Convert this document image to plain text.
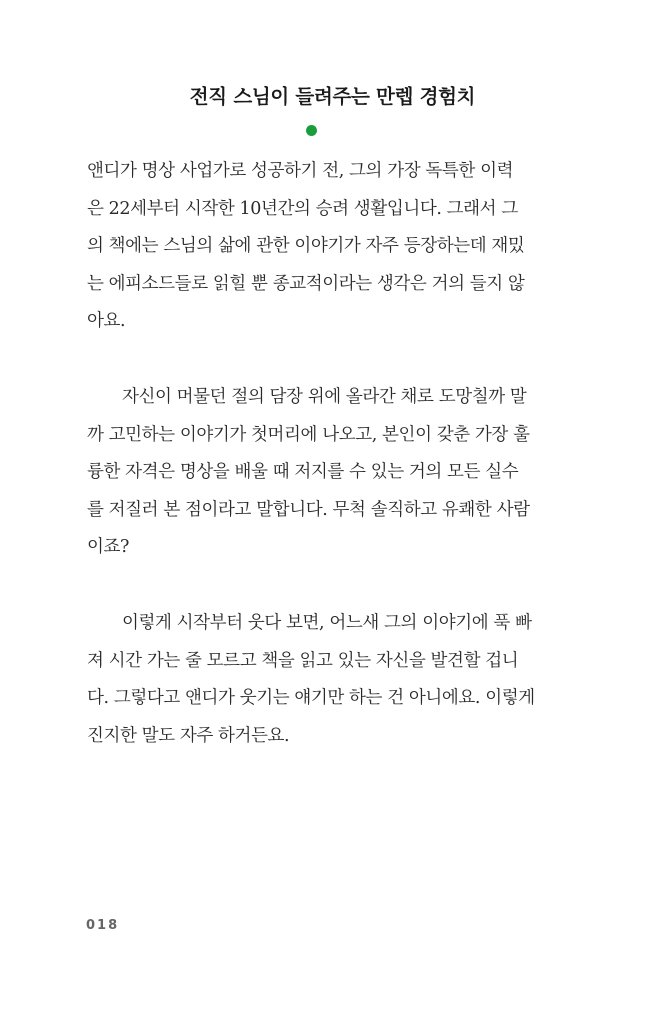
전직 스님이 들려주는 만렙 경험치
앤디가 명상 사업가로 성공하기 전, 그의 가장 독특한 이력
은 22세부터 시작한 10년간의 승려 생활입니다. 그래서 그
의 책에는 스님의 삶에 관한 이야기가 자주 등장하는데 재밌
는 에피소드들로 읽힐 뿐 종교적이라는 생각은 거의 들지 않
아요.
자신이 머물던 절의 담장 위에 올라간 채로 도망칠까 말
까 고민하는 이야기가 첫머리에 나오고, 본인이 갖춘 가장 훌
륭한 자격은 명상을 배울 때 저지를 수 있는 거의 모든 실수
를 저질러 본 점이라고 말합니다. 무척 솔직하고 유쾌한 사람
이죠?
이렇게 시작부터 웃다 보면, 어느새 그의 이야기에 푹 빠
져 시간 가는 줄 모르고 책을 읽고 있는 자신을 발견할 겁니
다. 그렇다고 앤디가 웃기는 얘기만 하는 건 아니에요. 이렇게
진지한 말도 자주 하거든요.
018
